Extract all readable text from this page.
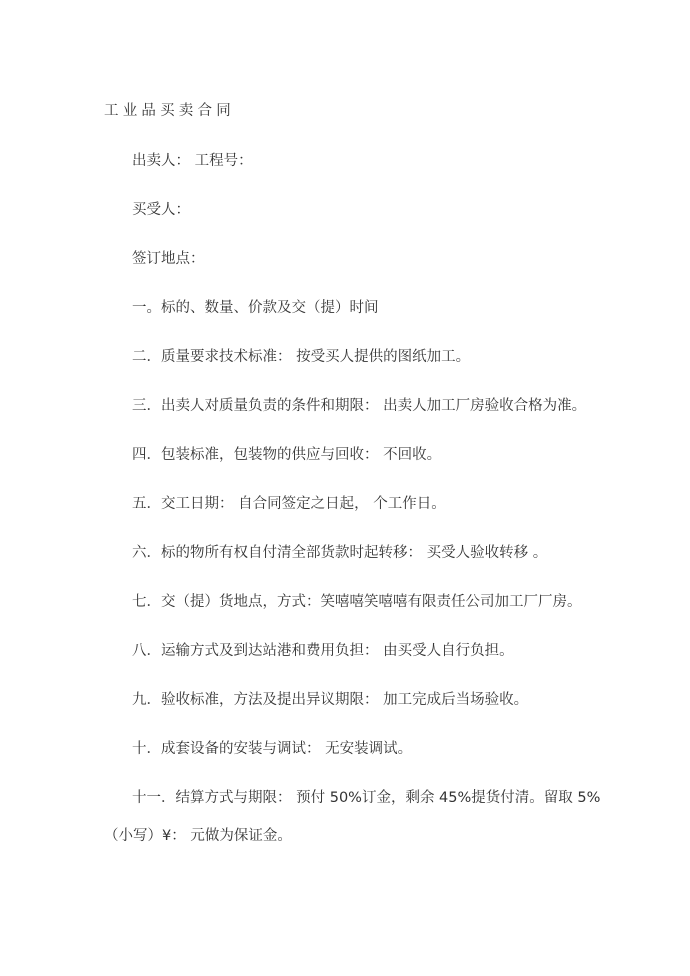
工业品买卖合同
出卖人： 工程号：
买受人：
签订地点：
一。标的、数量、价款及交（提）时间
二．质量要求技术标准： 按受买人提供的图纸加工。
三．出卖人对质量负责的条件和期限： 出卖人加工厂房验收合格为准。
四．包装标准，包装物的供应与回收： 不回收。
五．交工日期： 自合同签定之日起， 个工作日。
六．标的物所有权自付清全部货款时起转移： 买受人验收转移 。
七．交（提）货地点，方式：笑嘻嘻笑嘻嘻有限责任公司加工厂厂房。
八．运输方式及到达站港和费用负担： 由买受人自行负担。
九．验收标准，方法及提出异议期限： 加工完成后当场验收。
十．成套设备的安装与调试： 无安装调试。
十一．结算方式与期限： 预付 50%订金，剩余 45%提货付清。留取 5%
（小写）¥： 元做为保证金。
